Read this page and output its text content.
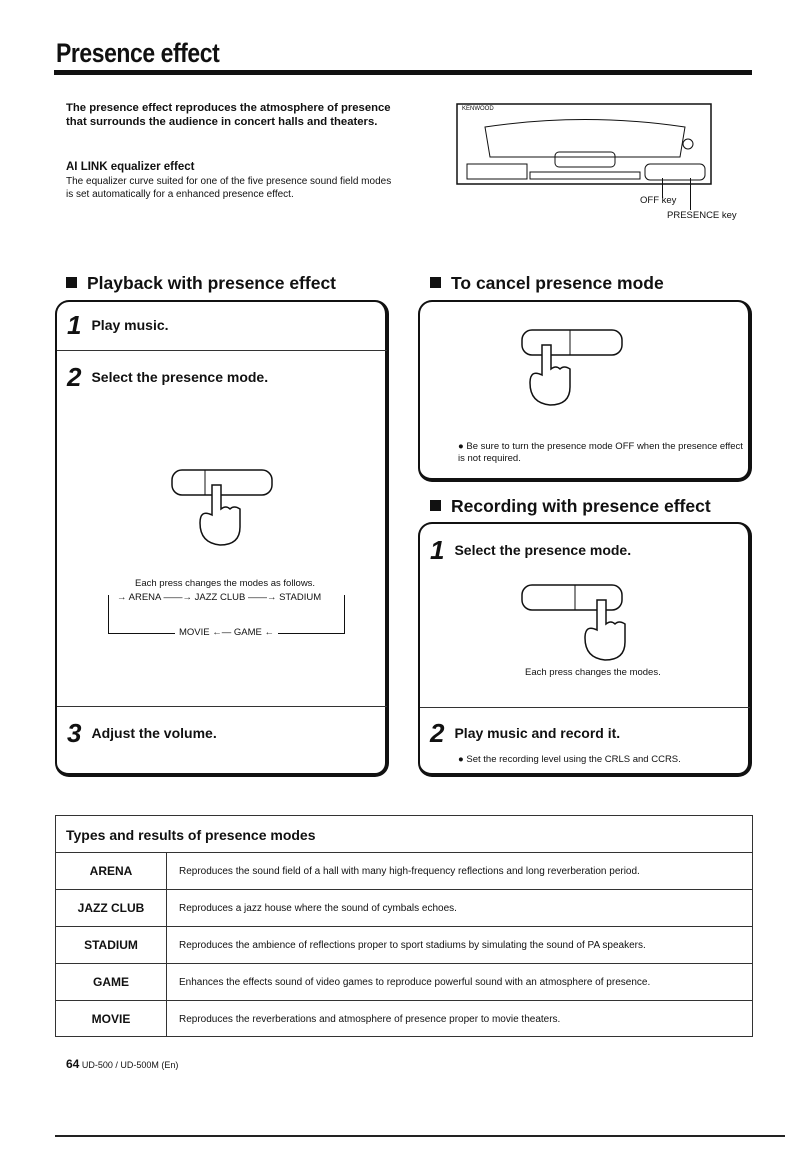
Presence effect
The presence effect reproduces the atmosphere of presence that surrounds the audience in concert halls and theaters.
AI LINK equalizer effect
The equalizer curve suited for one of the five presence sound field modes is set automatically for a enhanced presence effect.
KENWOOD
OFF key
PRESENCE key
Playback with presence effect
1 Play music.
2 Select the presence mode.
Each press changes the modes as follows.
→ ARENA ——→ JAZZ CLUB ——→ STADIUM
MOVIE ←— GAME ←
3 Adjust the volume.
To cancel presence mode
● Be sure to turn the presence mode OFF when the presence effect is not required.
Recording with presence effect
1 Select the presence mode.
Each press changes the modes.
2 Play music and record it.
● Set the recording level using the CRLS and CCRS.
Types and results of presence modes
ARENA	Reproduces the sound field of a hall with many high-frequency reflections and long reverberation period.
JAZZ CLUB	Reproduces a jazz house where the sound of cymbals echoes.
STADIUM	Reproduces the ambience of reflections proper to sport stadiums by simulating the sound of PA speakers.
GAME	Enhances the effects sound of video games to reproduce powerful sound with an atmosphere of presence.
MOVIE	Reproduces the reverberations and atmosphere of presence proper to movie theaters.
64 UD-500 / UD-500M (En)
